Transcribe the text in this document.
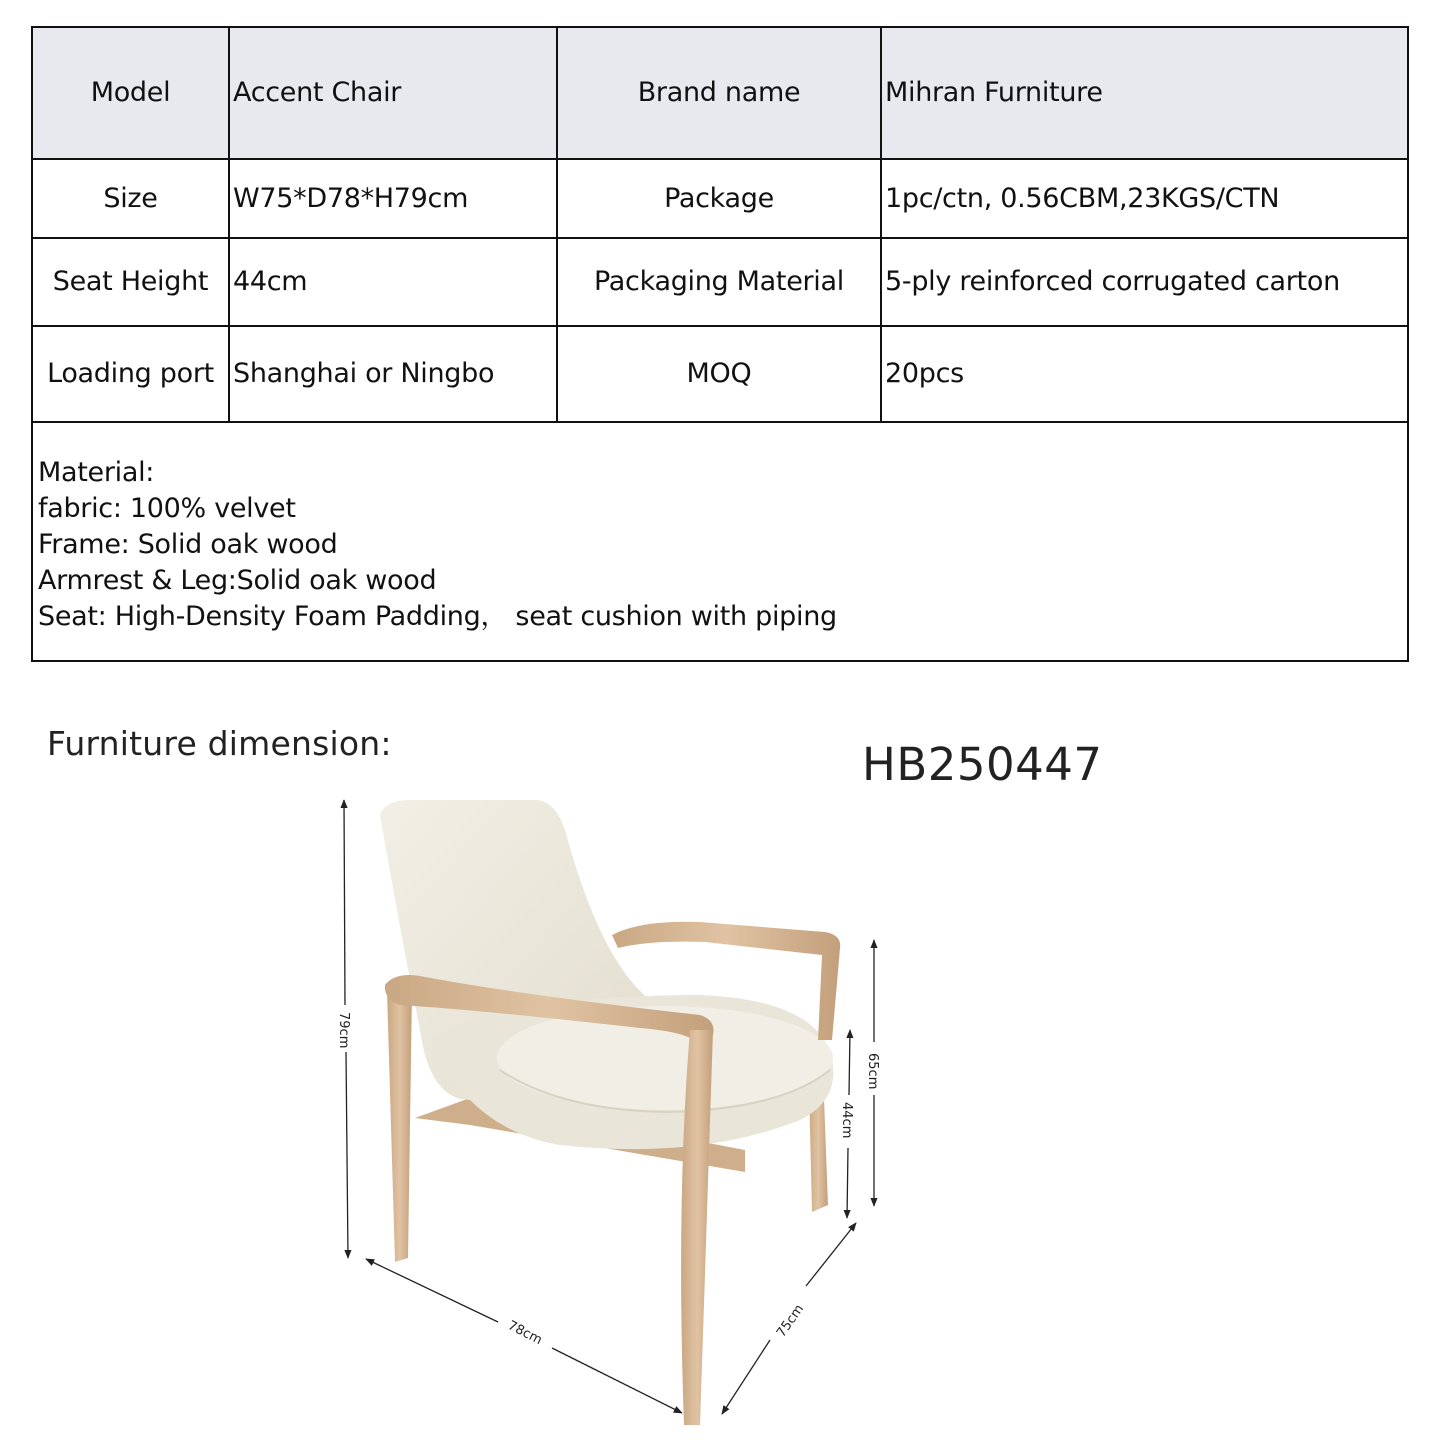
Model	Accent Chair	Brand name	Mihran Furniture
Size	W75*D78*H79cm	Package	1pc/ctn, 0.56CBM,23KGS/CTN
Seat Height	44cm	Packaging Material	5-ply reinforced corrugated carton
Loading port	Shanghai or Ningbo	MOQ	20pcs

Material:
fabric: 100% velvet
Frame: Solid oak wood
Armrest & Leg:Solid oak wood
Seat: High-Density Foam Padding， seat cushion with piping			
Furniture dimension:	HB250447
79cm
65cm
44cm
78cm	75cm
